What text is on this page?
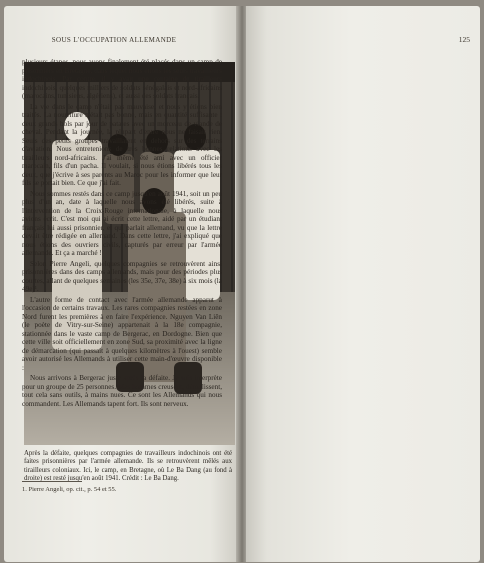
Après la défaite, quelques compagnies de travailleurs indochinois ont été faites prisonnières par l'armée allemande. Ils se retrouvèrent mêlés aux tirailleurs coloniaux. Ici, le camp, en Bretagne, où Le Ba Dang (au fond à droite) est resté jusqu'en août 1941. Crédit : Le Ba Dang.
SOUS L'OCCUPATION ALLEMANDE	125

plusieurs étapes, nous avons finalement été placés dans un camp de prisonniers en Bretagne, dans lequel nous étions les seuls travailleurs indochinois. Par contre, il y avait une centaine de tirailleurs indochinois, quelques milliers de soldats sénégalais et nord-africains (marocains, tunisiens, algériens), et aussi des soldats français.

La vie dans le camp n'était pas mauvaise, et nous y étions bien traités. La nourriture n'était pas bonne, mais en quantité suffisante : deux grands bols par jour de patates avec un morceau de viande de cheval. Pendant la journée, la plupart d'entre nous ne faisait rien. Seuls des petits groupes travaillaient en dehors sur des terrains d'aviation. Nous entretenions de très bonnes relations avec les tirailleurs nord-africains. J'ai même été ami avec un officier marocain, fils d'un pacha. Il voulait, si nous étions libérés tous les deux, que j'écrive à ses parents au Maroc pour les informer que leur fils se portait bien. Ce que j'ai fait.

Nous sommes restés dans ce camp jusqu'en août 1941, soit un peu plus d'un an, date à laquelle nous avons été libérés, suite à l'intervention de la Croix-Rouge internationale, à laquelle nous avions écrit. C'est moi qui ai écrit cette lettre, aidé par un étudiant français lui aussi prisonnier, et qui parlait allemand, vu que la lettre devait être rédigée en allemand. Dans cette lettre, j'ai expliqué que nous étions des ouvriers civils, capturés par erreur par l'armée allemande. Et ça a marché !

Selon Pierre Angeli, quelques compagnies se retrouvèrent ainsi prisonnières dans des camps allemands, mais pour des périodes plus courtes, allant de quelques semaines (les 35e, 37e, 38e) à six mois (la 49e)¹.

L'autre forme de contact avec l'armée allemande apparut à l'occasion de certains travaux. Les rares compagnies restées en zone Nord furent les premières à en faire l'expérience. Nguyen Van Liên (le poète de Vitry-sur-Seine) appartenait à la 18e compagnie, stationnée dans le vaste camp de Bergerac, en Dordogne. Bien que cette ville soit officiellement en zone Sud, sa proximité avec la ligne de démarcation (qui passait à quelques kilomètres à l'ouest) semble avoir autorisé les Allemands à utiliser cette main-d'œuvre disponible :

Nous arrivons à Bergerac juste après la défaite. Je suis interprète pour un groupe de 25 personnes. Mes hommes creusent, démolissent, tout cela sans outils, à mains nues. Ce sont les Allemands qui nous commandent. Les Allemands tapent fort. Ils sont nerveux.

1. Pierre Angeli, op. cit., p. 54 et 55.
